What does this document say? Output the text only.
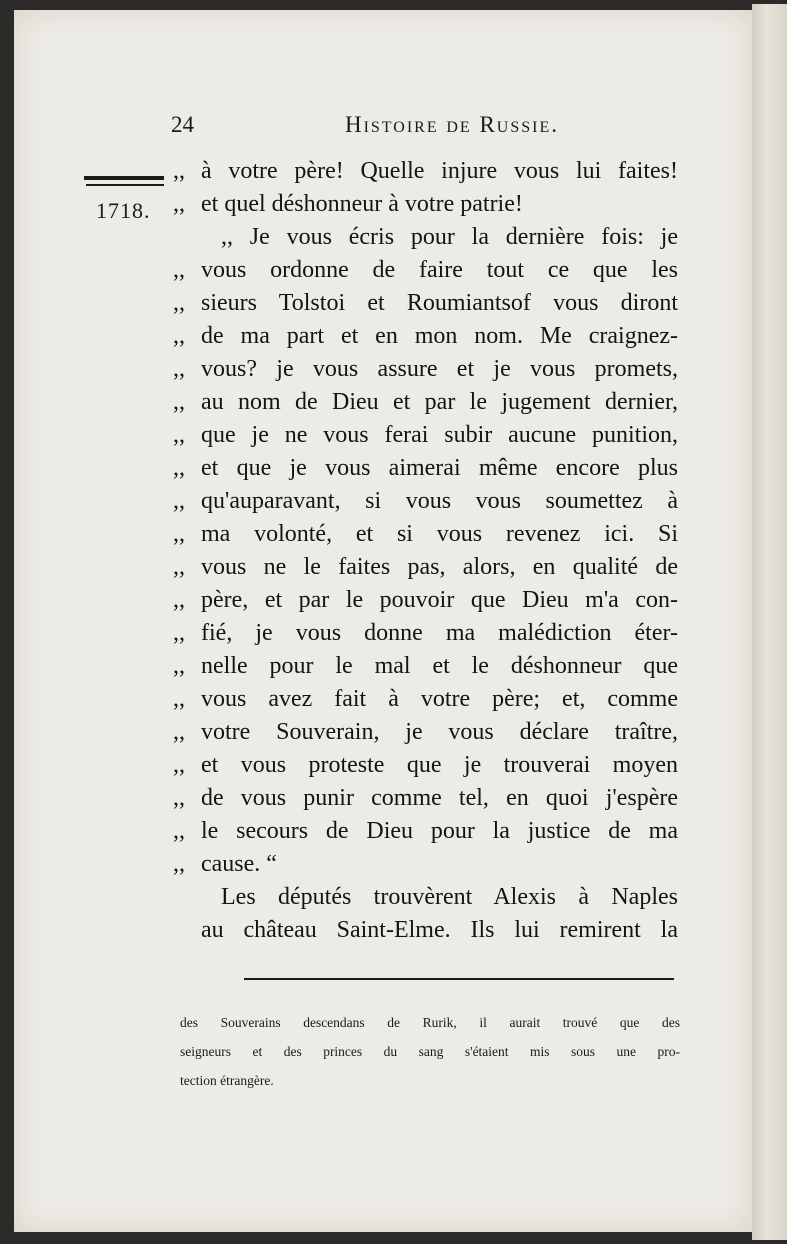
24	Histoire de Russie.
1718.
,, à votre père! Quelle injure vous lui faites!
,, et quel déshonneur à votre patrie!
,, Je vous écris pour la dernière fois: je
,, vous ordonne de faire tout ce que les
,, sieurs Tolstoi et Roumiantsof vous diront
,, de ma part et en mon nom. Me craignez-
,, vous? je vous assure et je vous promets,
,, au nom de Dieu et par le jugement dernier,
,, que je ne vous ferai subir aucune punition,
,, et que je vous aimerai même encore plus
,, qu'auparavant, si vous vous soumettez à
,, ma volonté, et si vous revenez ici. Si
,, vous ne le faites pas, alors, en qualité de
,, père, et par le pouvoir que Dieu m'a con-
,, fié, je vous donne ma malédiction éter-
,, nelle pour le mal et le déshonneur que
,, vous avez fait à votre père; et, comme
,, votre Souverain, je vous déclare traître,
,, et vous proteste que je trouverai moyen
,, de vous punir comme tel, en quoi j'espère
,, le secours de Dieu pour la justice de ma
,, cause. “
Les députés trouvèrent Alexis à Naples
au château Saint-Elme. Ils lui remirent la
des Souverains descendans de Rurik, il aurait trouvé que des
seigneurs et des princes du sang s'étaient mis sous une pro-
tection étrangère.
